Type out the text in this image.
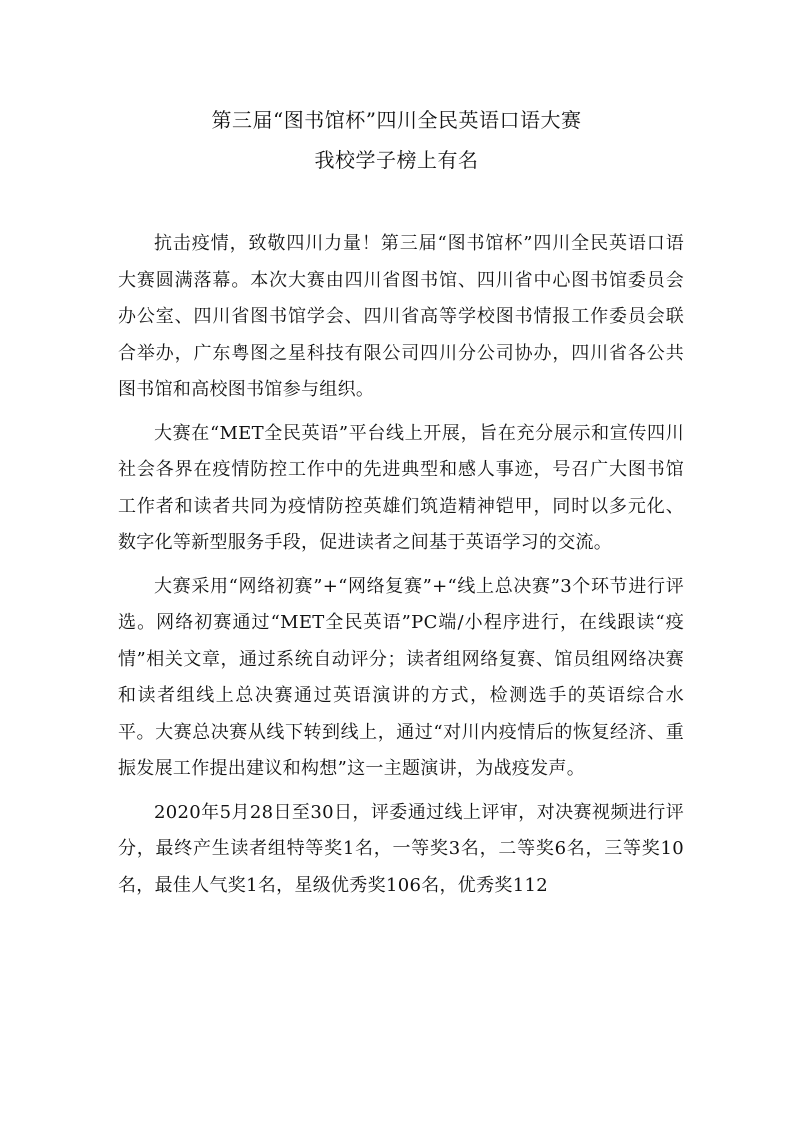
第三届“图书馆杯”四川全民英语口语大赛
我校学子榜上有名

抗击疫情，致敬四川力量！第三届“图书馆杯”四川全民英语口语大赛圆满落幕。本次大赛由四川省图书馆、四川省中心图书馆委员会办公室、四川省图书馆学会、四川省高等学校图书情报工作委员会联合举办，广东粤图之星科技有限公司四川分公司协办，四川省各公共图书馆和高校图书馆参与组织。

大赛在“MET全民英语”平台线上开展，旨在充分展示和宣传四川社会各界在疫情防控工作中的先进典型和感人事迹，号召广大图书馆工作者和读者共同为疫情防控英雄们筑造精神铠甲，同时以多元化、数字化等新型服务手段，促进读者之间基于英语学习的交流。

大赛采用“网络初赛”+“网络复赛”+“线上总决赛”3个环节进行评选。网络初赛通过“MET全民英语”PC端/小程序进行，在线跟读“疫情”相关文章，通过系统自动评分；读者组网络复赛、馆员组网络决赛和读者组线上总决赛通过英语演讲的方式，检测选手的英语综合水平。大赛总决赛从线下转到线上，通过“对川内疫情后的恢复经济、重振发展工作提出建议和构想”这一主题演讲，为战疫发声。

2020年5月28日至30日，评委通过线上评审，对决赛视频进行评分，最终产生读者组特等奖1名，一等奖3名，二等奖6名，三等奖10名，最佳人气奖1名，星级优秀奖106名，优秀奖112
